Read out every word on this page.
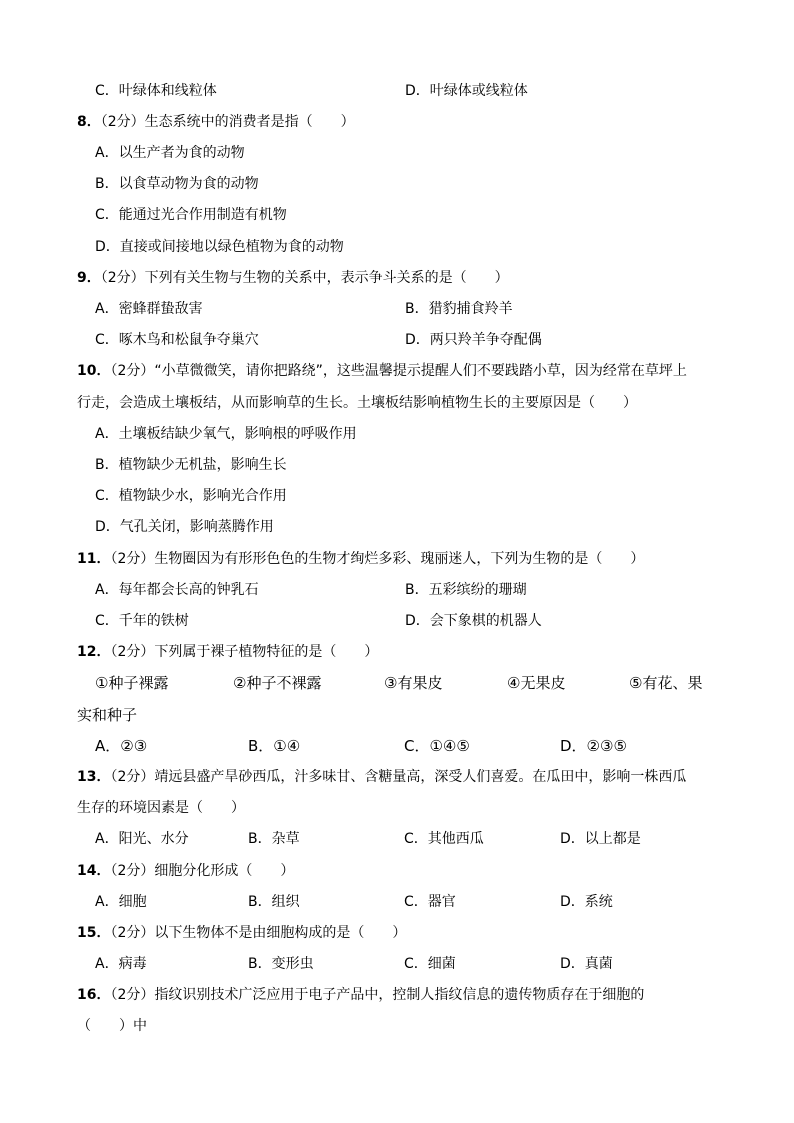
C．叶绿体和线粒体	D．叶绿体或线粒体
8．（2分）生态系统中的消费者是指（　　）
A．以生产者为食的动物
B．以食草动物为食的动物
C．能通过光合作用制造有机物
D．直接或间接地以绿色植物为食的动物
9．（2分）下列有关生物与生物的关系中，表示争斗关系的是（　　）
A．密蜂群蛰敌害	B．猎豹捕食羚羊
C．啄木鸟和松鼠争夺巢穴	D．两只羚羊争夺配偶
10．（2分）“小草微微笑，请你把路绕”，这些温馨提示提醒人们不要践踏小草，因为经常在草坪上
行走，会造成土壤板结，从而影响草的生长。土壤板结影响植物生长的主要原因是（　　）
A．土壤板结缺少氧气，影响根的呼吸作用
B．植物缺少无机盐，影响生长
C．植物缺少水，影响光合作用
D．气孔关闭，影响蒸腾作用
11．（2分）生物圈因为有形形色色的生物才绚烂多彩、瑰丽迷人，下列为生物的是（　　）
A．每年都会长高的钟乳石	B．五彩缤纷的珊瑚
C．千年的铁树	D．会下象棋的机器人
12．（2分）下列属于裸子植物特征的是（　　）
①种子裸露	②种子不裸露	③有果皮	④无果皮	⑤有花、果
实和种子
A．②③	B．①④	C．①④⑤	D．②③⑤
13．（2分）靖远县盛产旱砂西瓜，汁多味甘、含糖量高，深受人们喜爱。在瓜田中，影响一株西瓜
生存的环境因素是（　　）
A．阳光、水分	B．杂草	C．其他西瓜	D．以上都是
14．（2分）细胞分化形成（　　）
A．细胞	B．组织	C．器官	D．系统
15．（2分）以下生物体不是由细胞构成的是（　　）
A．病毒	B．变形虫	C．细菌	D．真菌
16．（2分）指纹识别技术广泛应用于电子产品中，控制人指纹信息的遗传物质存在于细胞的
（　　）中
